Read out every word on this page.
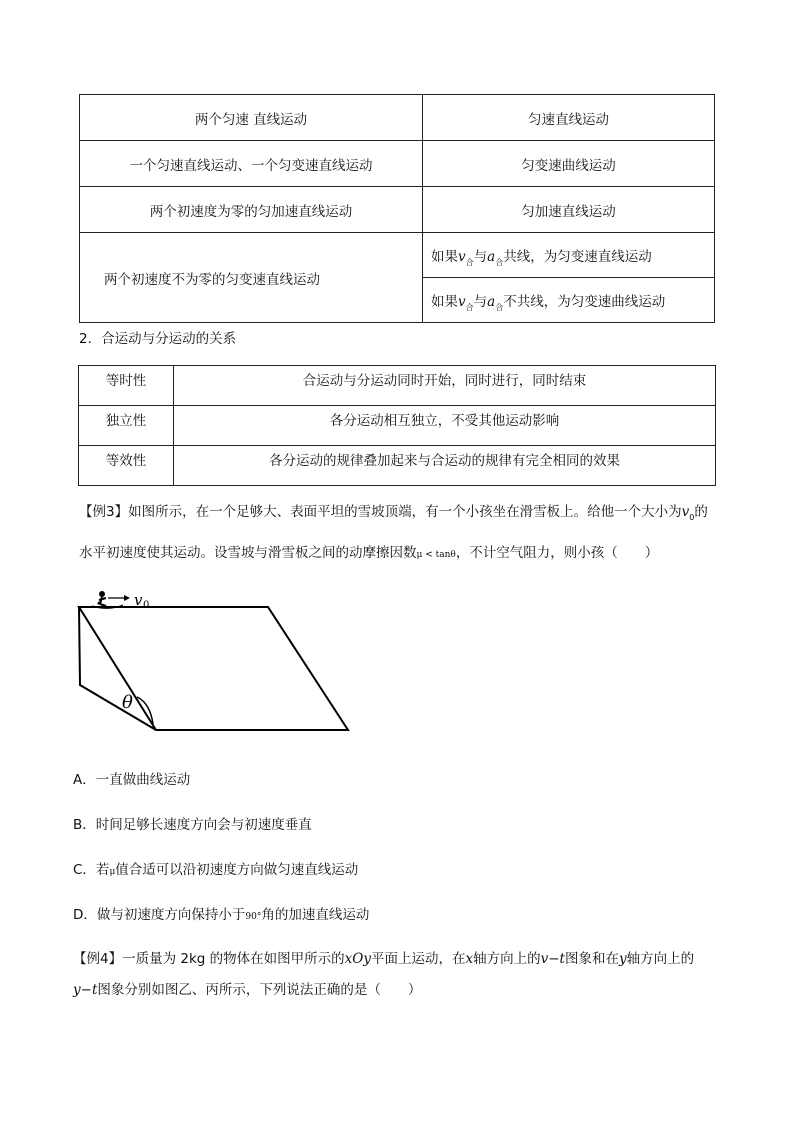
两个匀速 直线运动	匀速直线运动
一个匀速直线运动、一个匀变速直线运动	匀变速曲线运动
两个初速度为零的匀加速直线运动	匀加速直线运动
两个初速度不为零的匀变速直线运动	如果$v_合$与$a_合$共线，为匀变速直线运动
	如果$v_合$与$a_合$不共线，为匀变速曲线运动
2．合运动与分运动的关系
等时性	合运动与分运动同时开始，同时进行，同时结束
独立性	各分运动相互独立，不受其他运动影响
等效性	各分运动的规律叠加起来与合运动的规律有完全相同的效果
【例3】如图所示，在一个足够大、表面平坦的雪坡顶端，有一个小孩坐在滑雪板上。给他一个大小为$v_0$的
水平初速度使其运动。设雪坡与滑雪板之间的动摩擦因数μ < tanθ，不计空气阻力，则小孩（　　）
v 0
θ
A．一直做曲线运动
B．时间足够长速度方向会与初速度垂直
C．若μ值合适可以沿初速度方向做匀速直线运动
D．做与初速度方向保持小于90°角的加速直线运动
【例4】一质量为 2kg 的物体在如图甲所示的xOy平面上运动，在x轴方向上的v−t图象和在y轴方向上的
y−t图象分别如图乙、丙所示，下列说法正确的是（　　）
